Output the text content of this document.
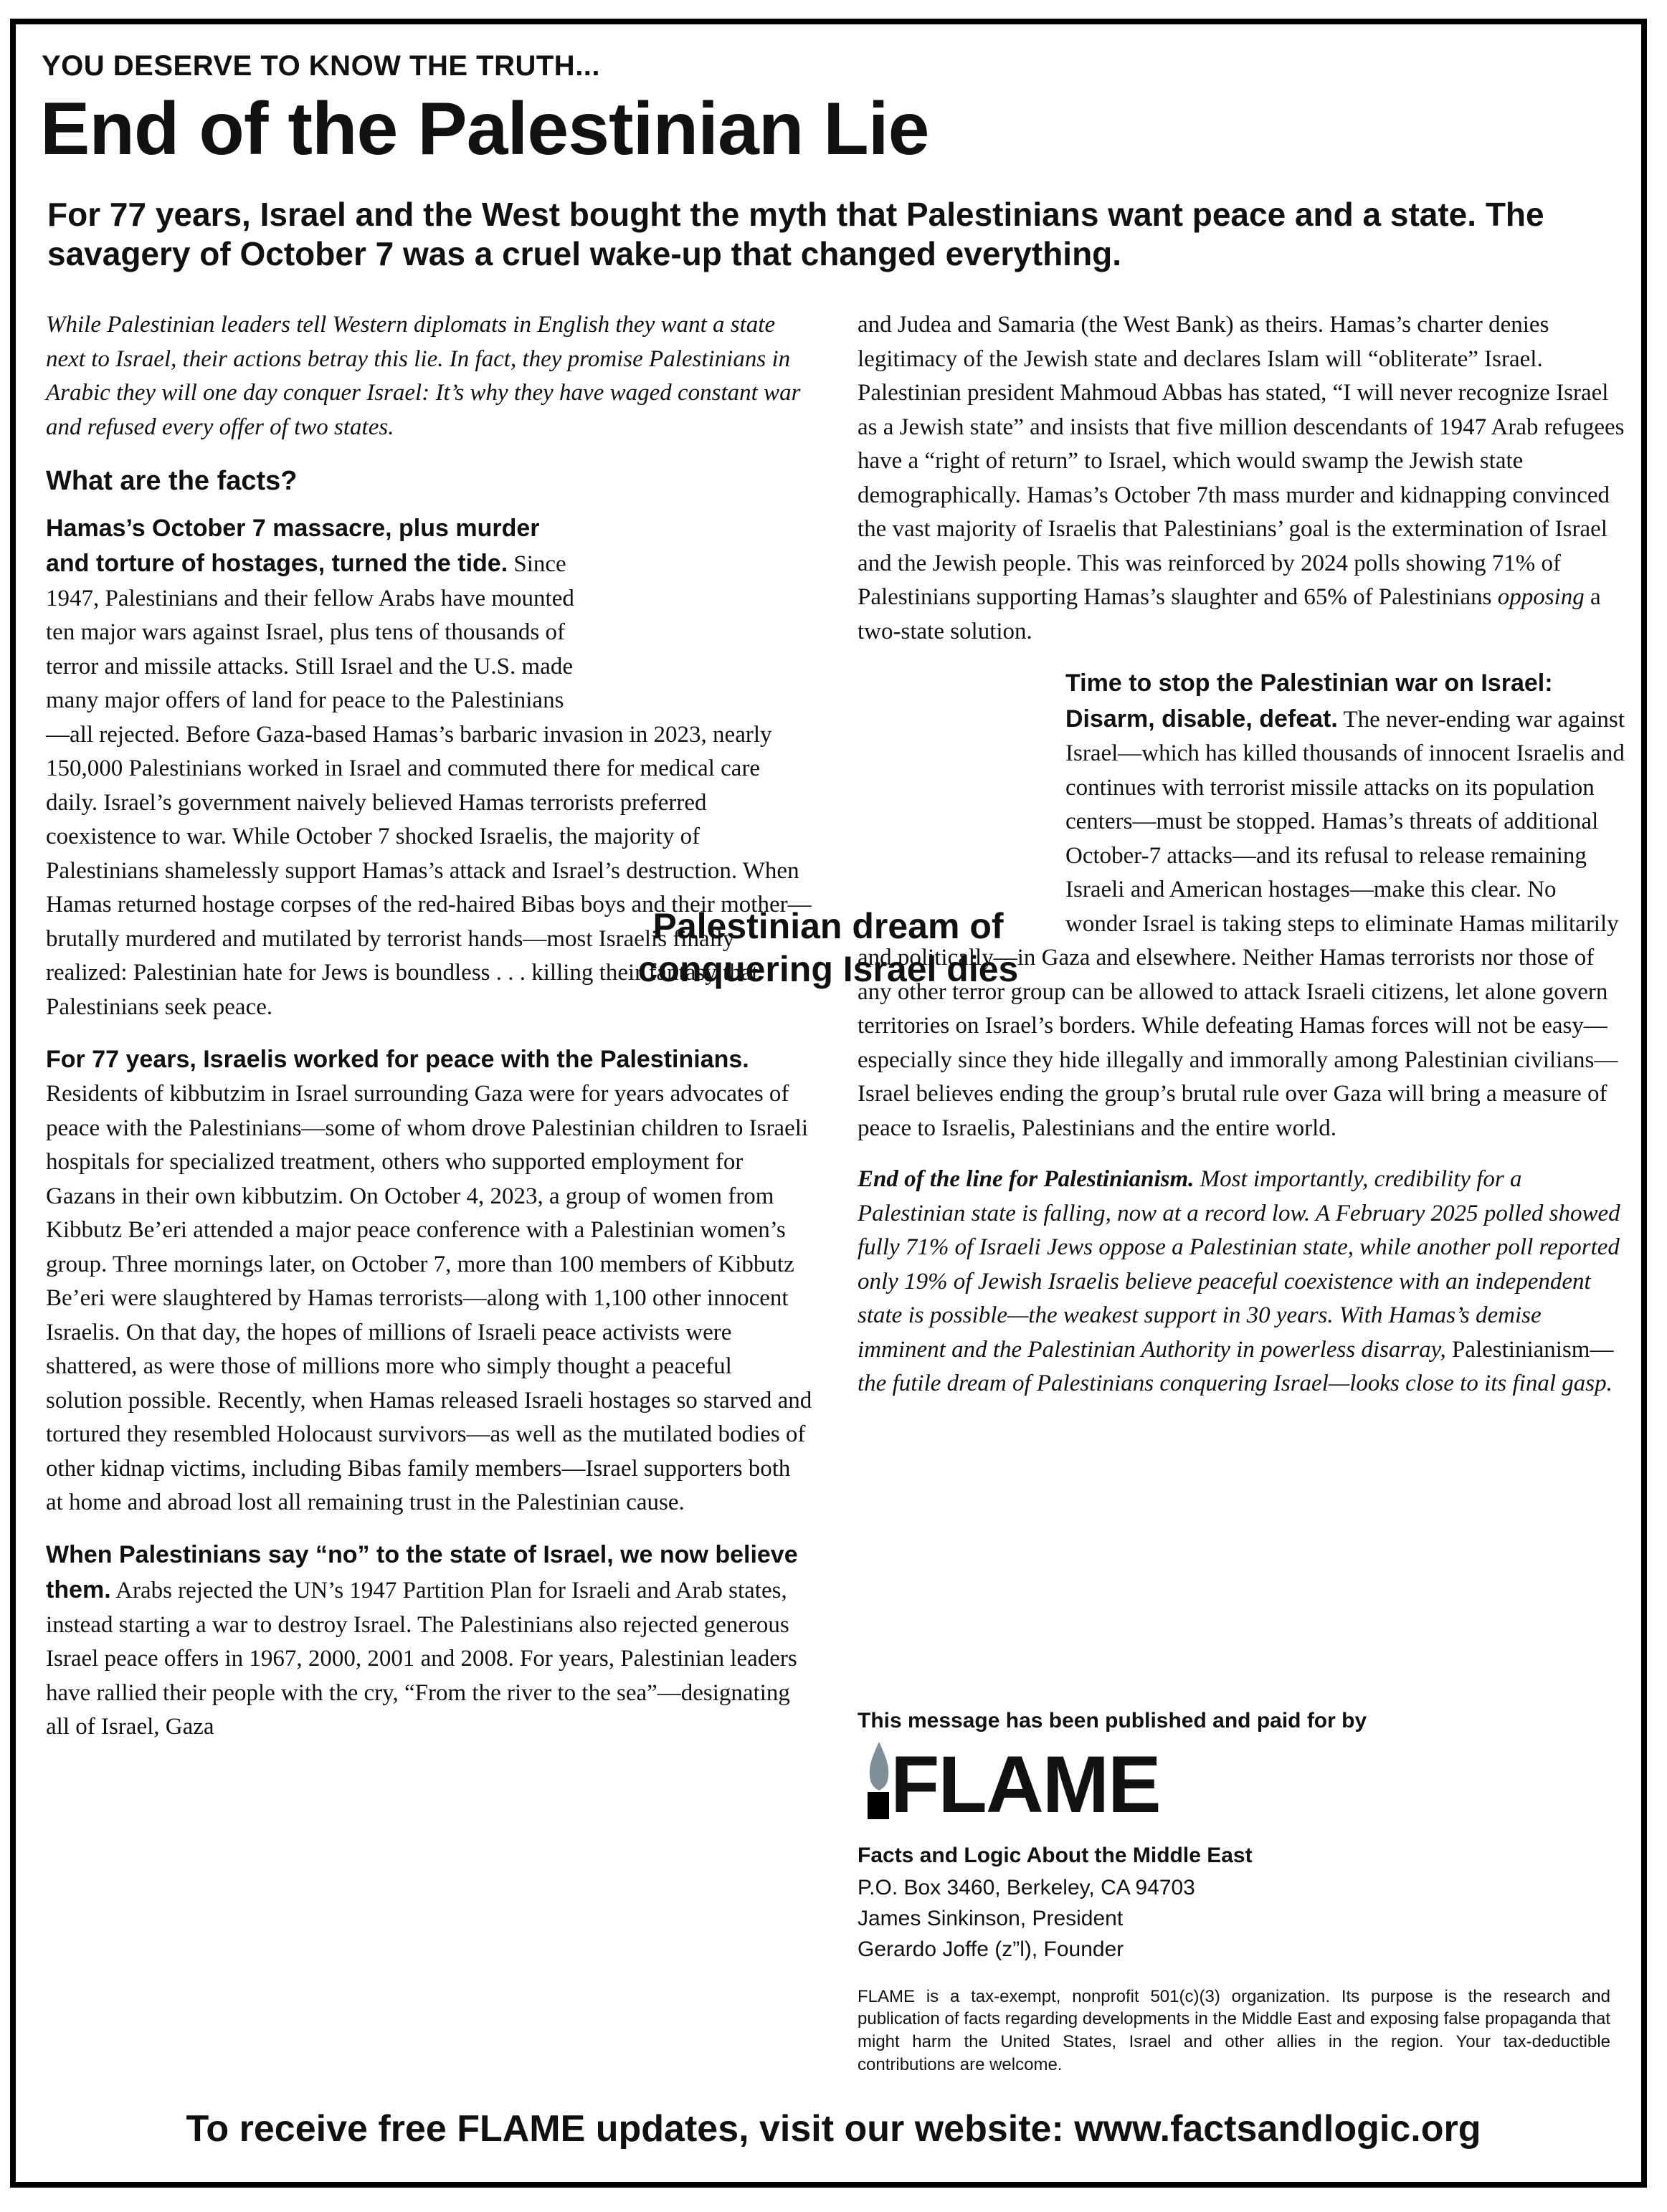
YOU DESERVE TO KNOW THE TRUTH...
End of the Palestinian Lie
For 77 years, Israel and the West bought the myth that Palestinians want peace and a state. The savagery of October 7 was a cruel wake-up that changed everything.

While Palestinian leaders tell Western diplomats in English they want a state next to Israel, their actions betray this lie. In fact, they promise Palestinians in Arabic they will one day conquer Israel: It’s why they have waged constant war and refused every offer of two states.

What are the facts?

Hamas’s October 7 massacre, plus murder and torture of hostages, turned the tide. Since 1947, Palestinians and their fellow Arabs have mounted ten major wars against Israel, plus tens of thousands of terror and missile attacks. Still Israel and the U.S. made many major offers of land for peace to the Palestinians—all rejected. Before Gaza-based Hamas’s barbaric invasion in 2023, nearly 150,000 Palestinians worked in Israel and commuted there for medical care daily. Israel’s government naively believed Hamas terrorists preferred coexistence to war. While October 7 shocked Israelis, the majority of Palestinians shamelessly support Hamas’s attack and Israel’s destruction. When Hamas returned hostage corpses of the red-haired Bibas boys and their mother—brutally murdered and mutilated by terrorist hands—most Israelis finally realized: Palestinian hate for Jews is boundless . . . killing their fantasy that Palestinians seek peace.

For 77 years, Israelis worked for peace with the Palestinians. Residents of kibbutzim in Israel surrounding Gaza were for years advocates of peace with the Palestinians—some of whom drove Palestinian children to Israeli hospitals for specialized treatment, others who supported employment for Gazans in their own kibbutzim. On October 4, 2023, a group of women from Kibbutz Be’eri attended a major peace conference with a Palestinian women’s group. Three mornings later, on October 7, more than 100 members of Kibbutz Be’eri were slaughtered by Hamas terrorists—along with 1,100 other innocent Israelis. On that day, the hopes of millions of Israeli peace activists were shattered, as were those of millions more who simply thought a peaceful solution possible. Recently, when Hamas released Israeli hostages so starved and tortured they resembled Holocaust survivors—as well as the mutilated bodies of other kidnap victims, including Bibas family members—Israel supporters both at home and abroad lost all remaining trust in the Palestinian cause.

When Palestinians say “no” to the state of Israel, we now believe them. Arabs rejected the UN’s 1947 Partition Plan for Israeli and Arab states, instead starting a war to destroy Israel. The Palestinians also rejected generous Israel peace offers in 1967, 2000, 2001 and 2008. For years, Palestinian leaders have rallied their people with the cry, “From the river to the sea”—designating all of Israel, Gaza

and Judea and Samaria (the West Bank) as theirs. Hamas’s charter denies legitimacy of the Jewish state and declares Islam will “obliterate” Israel. Palestinian president Mahmoud Abbas has stated, “I will never recognize Israel as a Jewish state” and insists that five million descendants of 1947 Arab refugees have a “right of return” to Israel, which would swamp the Jewish state demographically. Hamas’s October 7th mass murder and kidnapping convinced the vast majority of Israelis that Palestinians’ goal is the extermination of Israel and the Jewish people. This was reinforced by 2024 polls showing 71% of Palestinians supporting Hamas’s slaughter and 65% of Palestinians opposing a two-state solution.

Time to stop the Palestinian war on Israel: Disarm, disable, defeat. The never-ending war against Israel—which has killed thousands of innocent Israelis and continues with terrorist missile attacks on its population centers—must be stopped. Hamas’s threats of additional October-7 attacks—and its refusal to release remaining Israeli and American hostages—make this clear. No wonder Israel is taking steps to eliminate Hamas militarily and politically—in Gaza and elsewhere. Neither Hamas terrorists nor those of any other terror group can be allowed to attack Israeli citizens, let alone govern territories on Israel’s borders. While defeating Hamas forces will not be easy—especially since they hide illegally and immorally among Palestinian civilians—Israel believes ending the group’s brutal rule over Gaza will bring a measure of peace to Israelis, Palestinians and the entire world.

End of the line for Palestinianism. Most importantly, credibility for a Palestinian state is falling, now at a record low. A February 2025 polled showed fully 71% of Israeli Jews oppose a Palestinian state, while another poll reported only 19% of Jewish Israelis believe peaceful coexistence with an independent state is possible—the weakest support in 30 years. With Hamas’s demise imminent and the Palestinian Authority in powerless disarray, Palestinianism—the futile dream of Palestinians conquering Israel—looks close to its final gasp.

Palestinian dream of conquering Israel dies
This message has been published and paid for by
FLAME
Facts and Logic About the Middle East
P.O. Box 3460, Berkeley, CA 94703
James Sinkinson, President
Gerardo Joffe (z”l), Founder
FLAME is a tax-exempt, nonprofit 501(c)(3) organization. Its purpose is the research and publication of facts regarding developments in the Middle East and exposing false propaganda that might harm the United States, Israel and other allies in the region. Your tax-deductible contributions are welcome.
To receive free FLAME updates, visit our website: www.factsandlogic.org
